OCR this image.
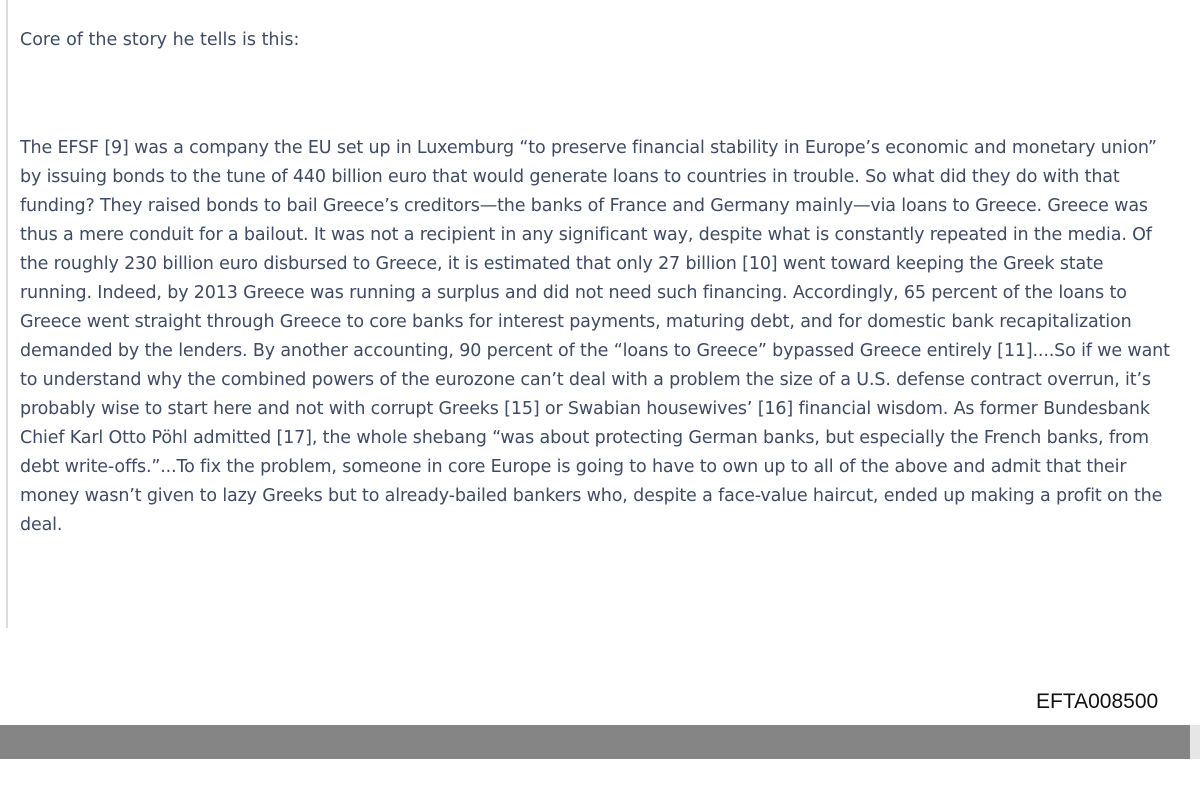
Core of the story he tells is this:

The EFSF [9] was a company the EU set up in Luxemburg “to preserve financial stability in Europe’s economic and monetary union” by issuing bonds to the tune of 440 billion euro that would generate loans to countries in trouble. So what did they do with that funding? They raised bonds to bail Greece’s creditors—the banks of France and Germany mainly—via loans to Greece. Greece was thus a mere conduit for a bailout. It was not a recipient in any significant way, despite what is constantly repeated in the media. Of the roughly 230 billion euro disbursed to Greece, it is estimated that only 27 billion [10] went toward keeping the Greek state running. Indeed, by 2013 Greece was running a surplus and did not need such financing. Accordingly, 65 percent of the loans to Greece went straight through Greece to core banks for interest payments, maturing debt, and for domestic bank recapitalization demanded by the lenders. By another accounting, 90 percent of the “loans to Greece” bypassed Greece entirely [11]....So if we want to understand why the combined powers of the eurozone can’t deal with a problem the size of a U.S. defense contract overrun, it’s probably wise to start here and not with corrupt Greeks [15] or Swabian housewives’ [16] financial wisdom. As former Bundesbank Chief Karl Otto Pöhl admitted [17], the whole shebang “was about protecting German banks, but especially the French banks, from debt write-offs.”...To fix the problem, someone in core Europe is going to have to own up to all of the above and admit that their money wasn’t given to lazy Greeks but to already-bailed bankers who, despite a face-value haircut, ended up making a profit on the deal.

EFTA008500
